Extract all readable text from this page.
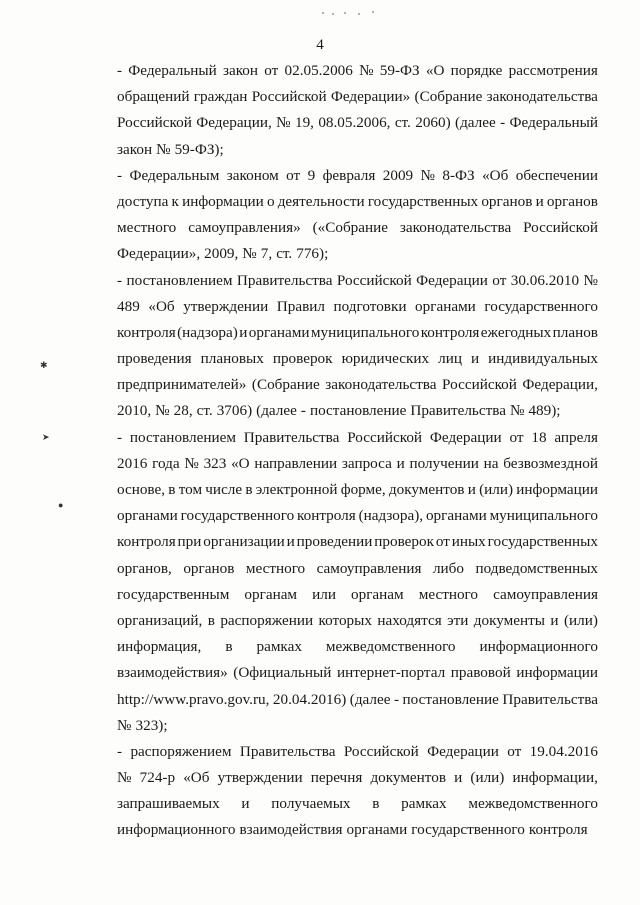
4
✱
➤
●
- Федеральный закон от 02.05.2006 № 59-ФЗ «О порядке рассмотрения
обращений граждан Российской Федерации» (Собрание законодательства
Российской Федерации, № 19, 08.05.2006, ст. 2060) (далее - Федеральный
закон № 59-ФЗ);
- Федеральным законом от 9 февраля 2009 № 8-ФЗ «Об обеспечении
доступа к информации о деятельности государственных органов и органов
местного самоуправления» («Собрание законодательства Российской
Федерации», 2009, № 7, ст. 776);
- постановлением Правительства Российской Федерации от 30.06.2010 №
489 «Об утверждении Правил подготовки органами государственного
контроля (надзора) и органами муниципального контроля ежегодных планов
проведения плановых проверок юридических лиц и индивидуальных
предпринимателей» (Собрание законодательства Российской Федерации,
2010, № 28, ст. 3706) (далее - постановление Правительства № 489);
- постановлением Правительства Российской Федерации от 18 апреля
2016 года № 323 «О направлении запроса и получении на безвозмездной
основе, в том числе в электронной форме, документов и (или) информации
органами государственного контроля (надзора), органами муниципального
контроля при организации и проведении проверок от иных государственных
органов, органов местного самоуправления либо подведомственных
государственным органам или органам местного самоуправления
организаций, в распоряжении которых находятся эти документы и (или)
информация, в рамках межведомственного информационного
взаимодействия» (Официальный интернет-портал правовой информации
http://www.pravo.gov.ru, 20.04.2016) (далее - постановление Правительства
№ 323);
- распоряжением Правительства Российской Федерации от 19.04.2016
№ 724-р «Об утверждении перечня документов и (или) информации,
запрашиваемых и получаемых в рамках межведомственного
информационного взаимодействия органами государственного контроля
